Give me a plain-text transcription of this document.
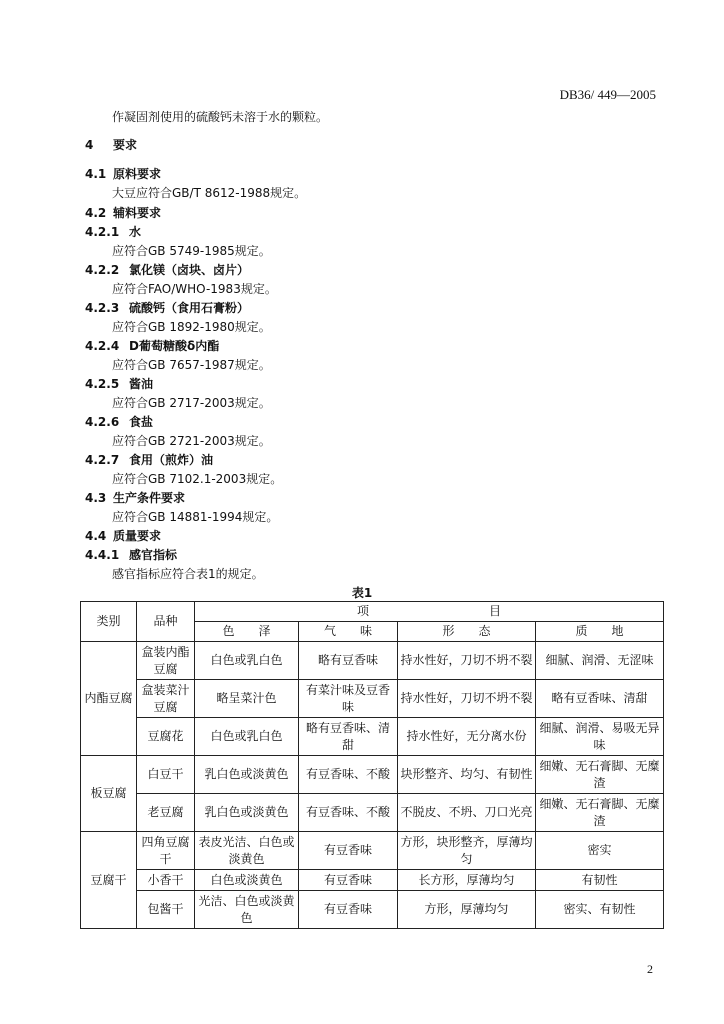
DB36/ 449—2005
作凝固剂使用的硫酸钙未溶于水的颗粒。
4 要求
4.1 原料要求
大豆应符合GB/T 8612-1988规定。
4.2 辅料要求
4.2.1 水
应符合GB 5749-1985规定。
4.2.2 氯化镁（卤块、卤片）
应符合FAO/WHO-1983规定。
4.2.3 硫酸钙（食用石膏粉）
应符合GB 1892-1980规定。
4.2.4 D葡萄糖酸δ内酯
应符合GB 7657-1987规定。
4.2.5 酱油
应符合GB 2717-2003规定。
4.2.6 食盐
应符合GB 2721-2003规定。
4.2.7 食用（煎炸）油
应符合GB 7102.1-2003规定。
4.3 生产条件要求
应符合GB 14881-1994规定。
4.4 质量要求
4.4.1 感官指标
感官指标应符合表1的规定。
表1
类别	品种	项　　　　　　　　　　目			
		色　　泽	气　　味	形　　态	质　　地
内酯豆腐	盒装内酯豆腐	白色或乳白色	略有豆香味	持水性好，刀切不坍不裂	细腻、润滑、无涩味
	盒装菜汁豆腐	略呈菜汁色	有菜汁味及豆香味	持水性好，刀切不坍不裂	略有豆香味、清甜
	豆腐花	白色或乳白色	略有豆香味、清甜	持水性好，无分离水份	细腻、润滑、易吸无异味
板豆腐	白豆干	乳白色或淡黄色	有豆香味、不酸	块形整齐、均匀、有韧性	细嫩、无石膏脚、无糜渣
	老豆腐	乳白色或淡黄色	有豆香味、不酸	不脱皮、不坍、刀口光亮	细嫩、无石膏脚、无糜渣
豆腐干	四角豆腐干	表皮光洁、白色或淡黄色	有豆香味	方形，块形整齐，厚薄均匀	密实
	小香干	白色或淡黄色	有豆香味	长方形，厚薄均匀	有韧性
	包酱干	光洁、白色或淡黄色	有豆香味	方形，厚薄均匀	密实、有韧性
2
